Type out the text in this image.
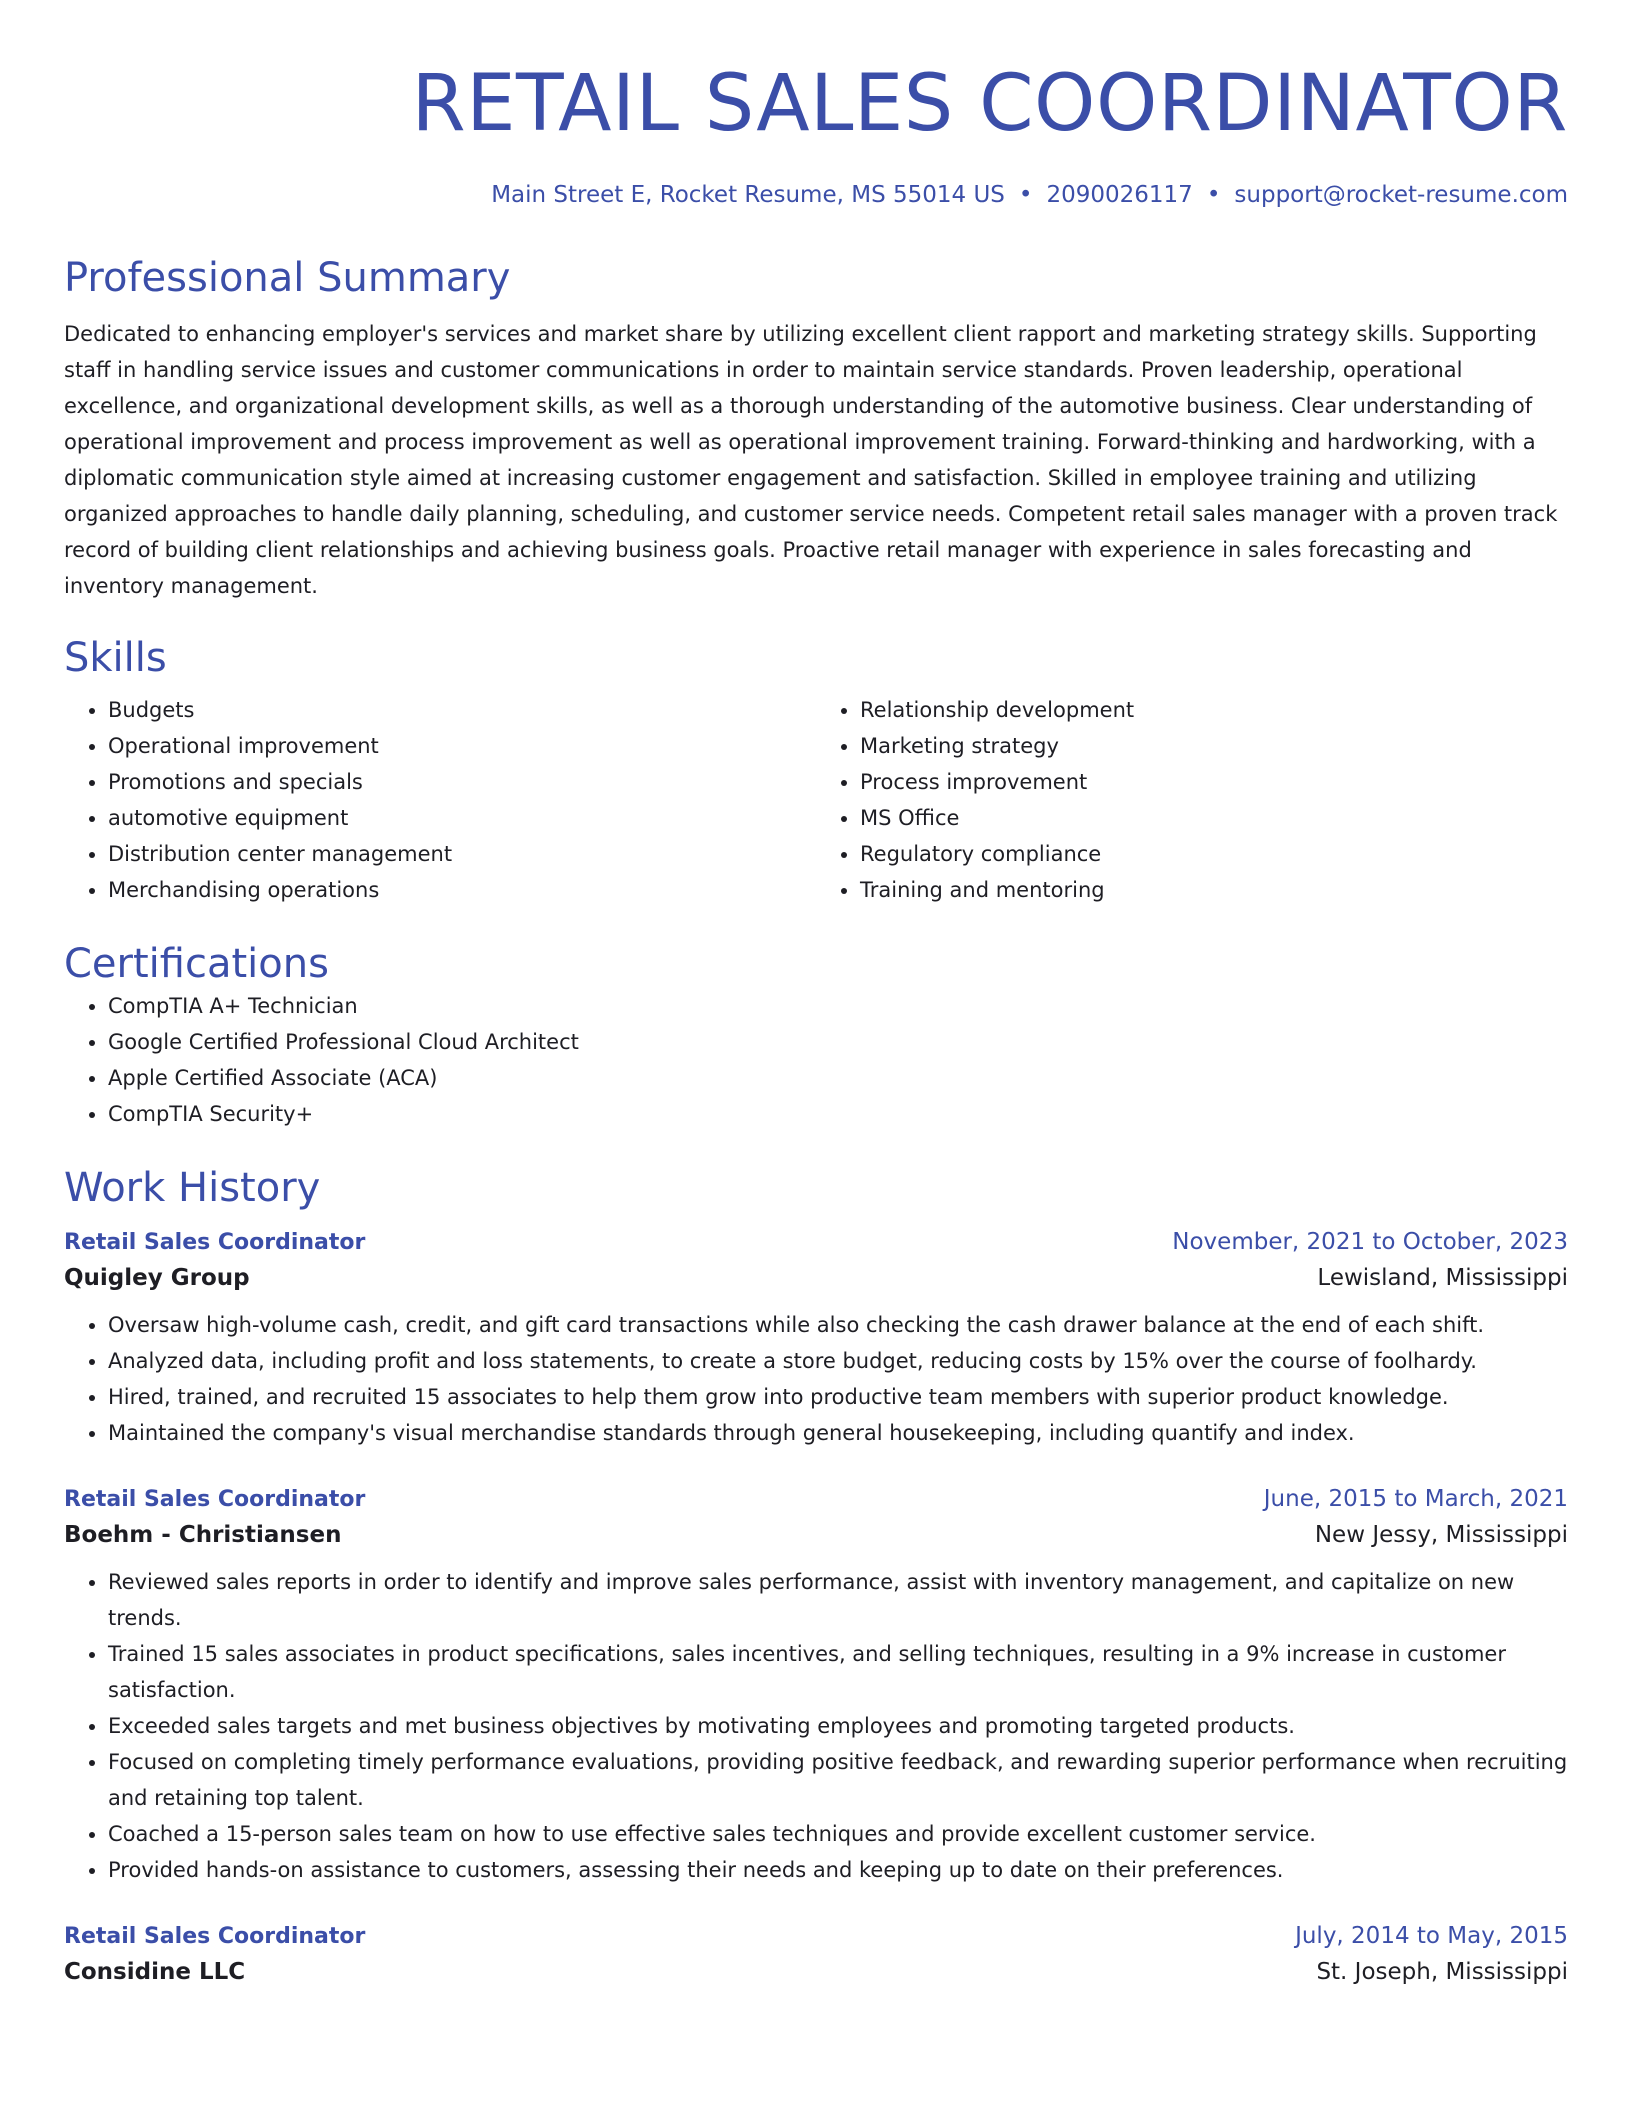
RETAIL SALES COORDINATOR
Main Street E, Rocket Resume, MS 55014 US • 2090026117 • support@rocket-resume.com
Professional Summary

Dedicated to enhancing employer's services and market share by utilizing excellent client rapport and marketing strategy skills. Supporting staff in handling service issues and customer communications in order to maintain service standards. Proven leadership, operational excellence, and organizational development skills, as well as a thorough understanding of the automotive business. Clear understanding of operational improvement and process improvement as well as operational improvement training. Forward-thinking and hardworking, with a diplomatic communication style aimed at increasing customer engagement and satisfaction. Skilled in employee training and utilizing organized approaches to handle daily planning, scheduling, and customer service needs. Competent retail sales manager with a proven track record of building client relationships and achieving business goals. Proactive retail manager with experience in sales forecasting and inventory management.

Skills
• Budgets
• Operational improvement
• Promotions and specials
• automotive equipment
• Distribution center management
• Merchandising operations
• Relationship development
• Marketing strategy
• Process improvement
• MS Office
• Regulatory compliance
• Training and mentoring
Certifications
• CompTIA A+ Technician
• Google Certified Professional Cloud Architect
• Apple Certified Associate (ACA)
• CompTIA Security+
Work History
Retail Sales Coordinator	November, 2021 to October, 2023
Quigley Group	Lewisland, Mississippi
• Oversaw high-volume cash, credit, and gift card transactions while also checking the cash drawer balance at the end of each shift.
• Analyzed data, including profit and loss statements, to create a store budget, reducing costs by 15% over the course of foolhardy.
• Hired, trained, and recruited 15 associates to help them grow into productive team members with superior product knowledge.
• Maintained the company's visual merchandise standards through general housekeeping, including quantify and index.
Retail Sales Coordinator	June, 2015 to March, 2021
Boehm - Christiansen	New Jessy, Mississippi
• Reviewed sales reports in order to identify and improve sales performance, assist with inventory management, and capitalize on new trends.
• Trained 15 sales associates in product specifications, sales incentives, and selling techniques, resulting in a 9% increase in customer satisfaction.
• Exceeded sales targets and met business objectives by motivating employees and promoting targeted products.
• Focused on completing timely performance evaluations, providing positive feedback, and rewarding superior performance when recruiting and retaining top talent.
• Coached a 15-person sales team on how to use effective sales techniques and provide excellent customer service.
• Provided hands-on assistance to customers, assessing their needs and keeping up to date on their preferences.
Retail Sales Coordinator	July, 2014 to May, 2015
Considine LLC	St. Joseph, Mississippi
